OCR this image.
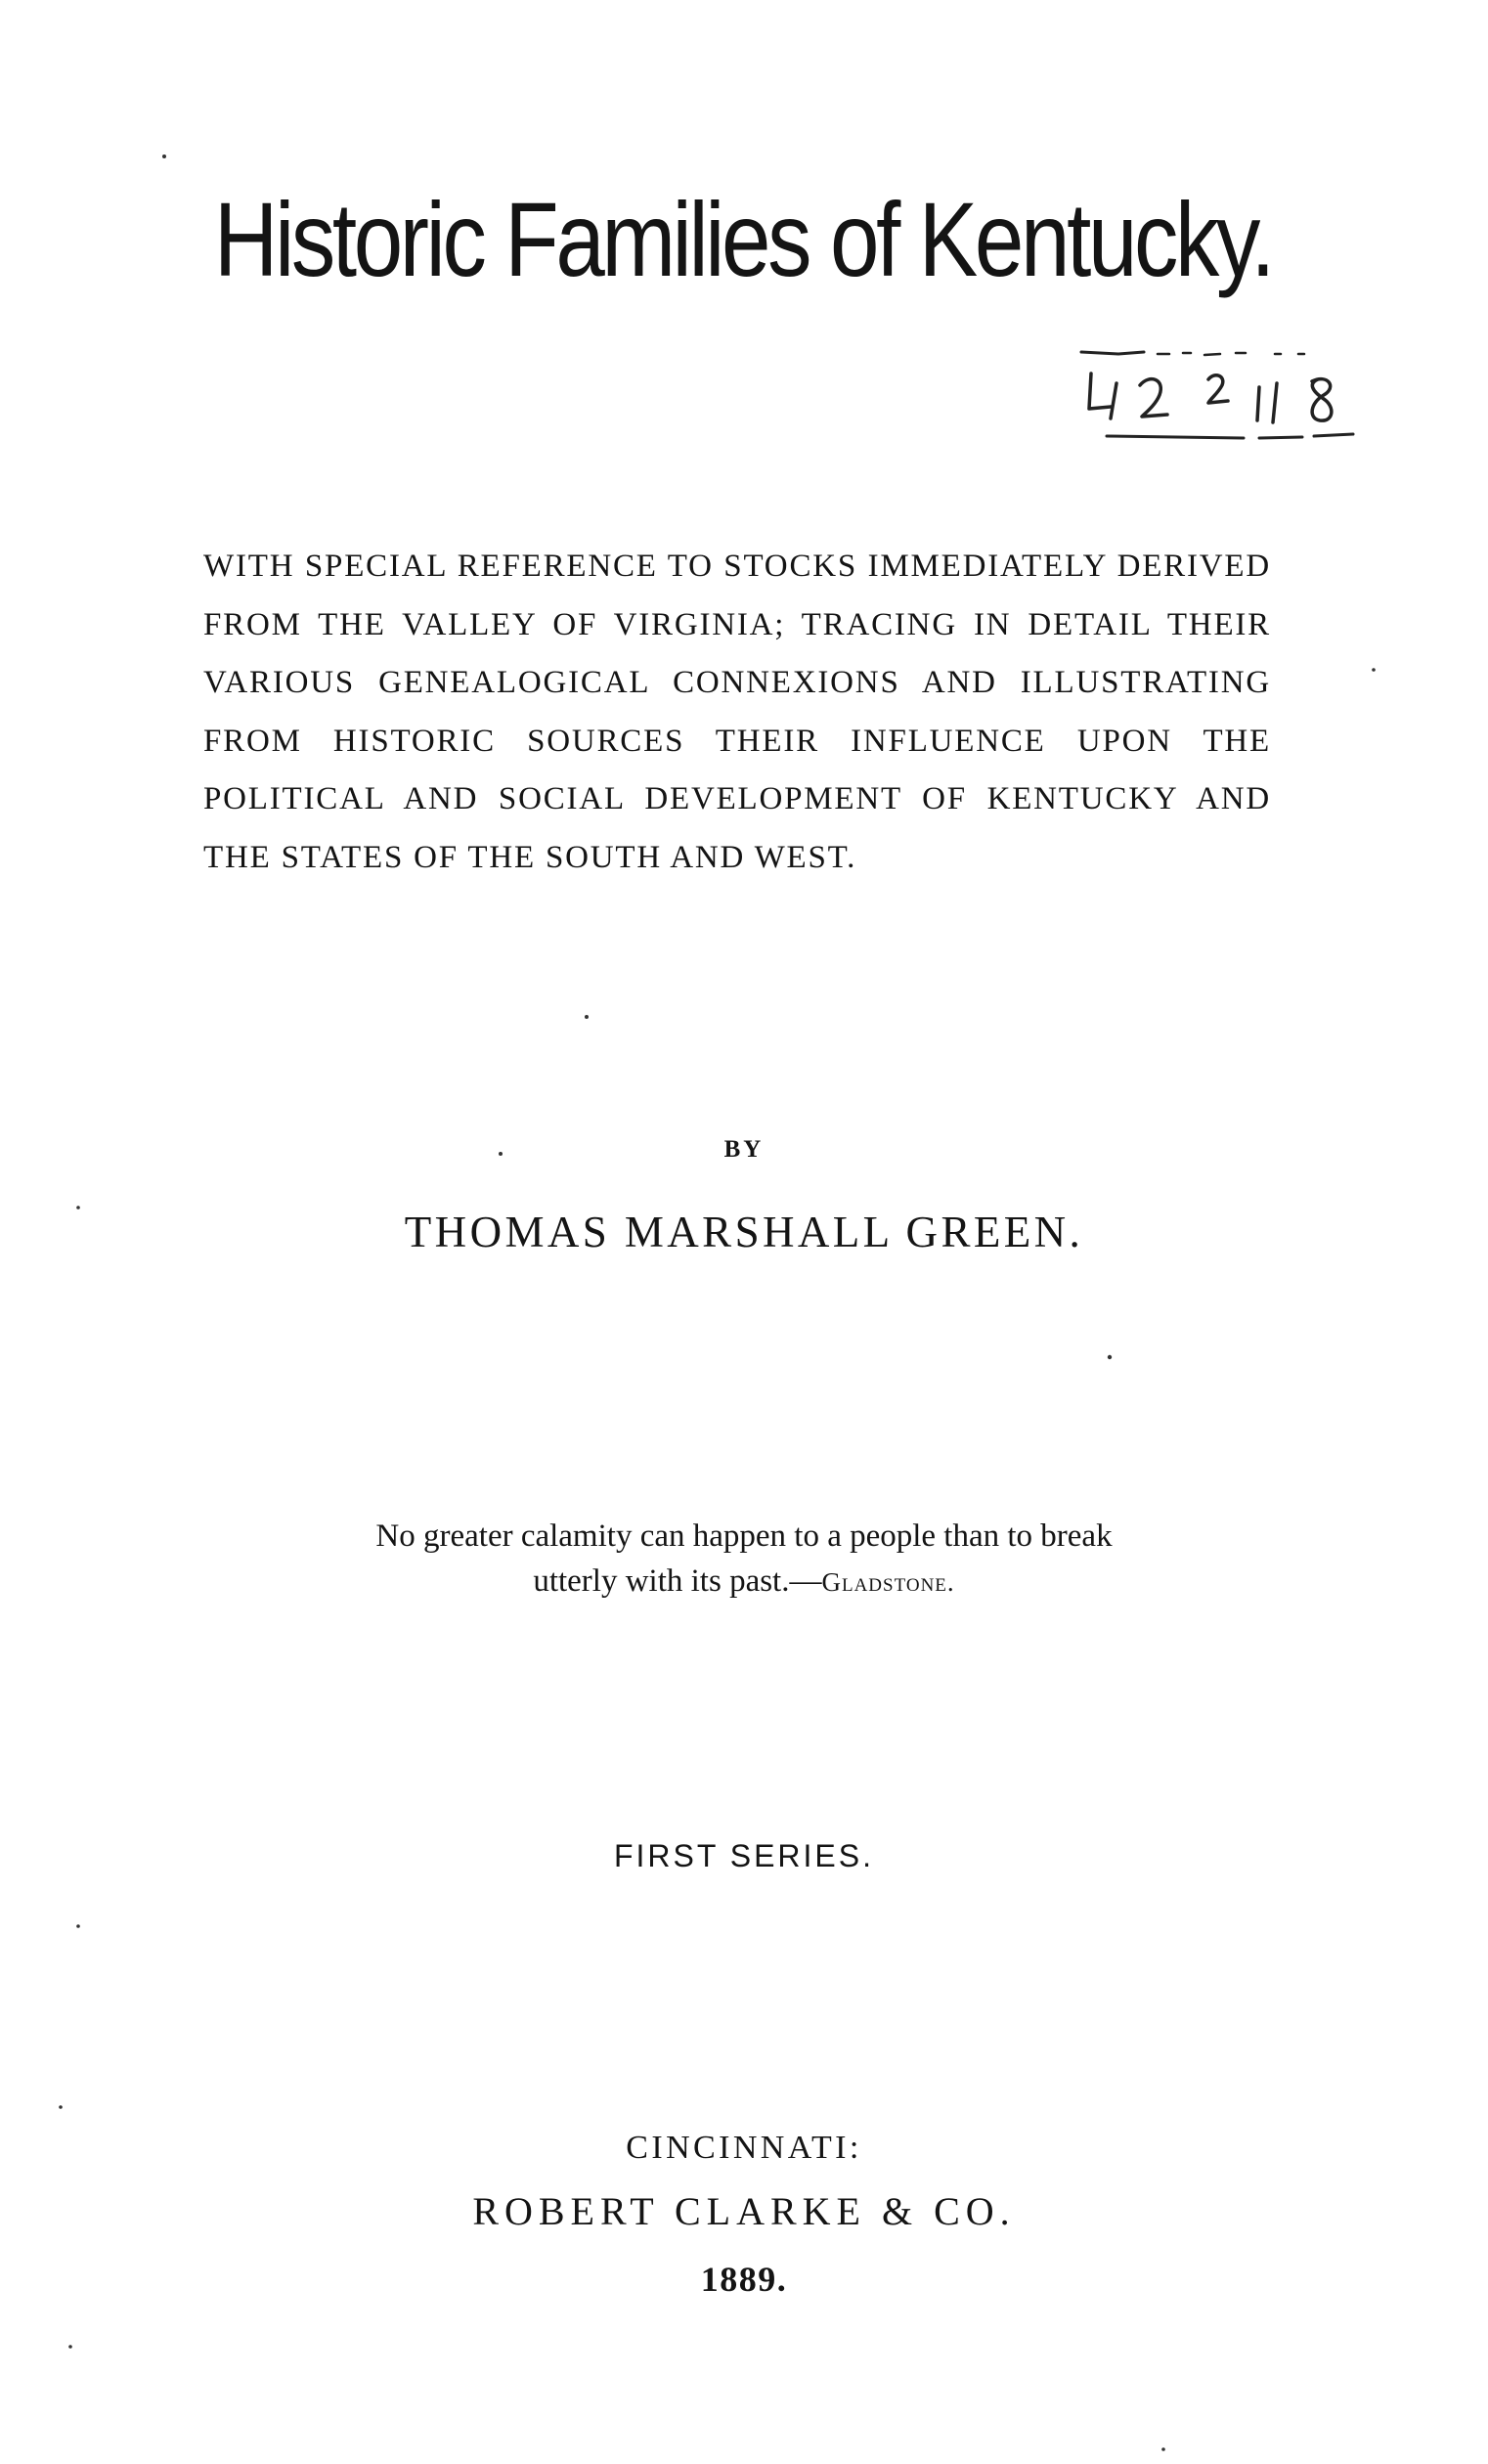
Historic Families of Kentucky.
WITH SPECIAL REFERENCE TO STOCKS IMMEDIATELY DERIVED FROM THE VALLEY OF VIRGINIA; TRACING IN DETAIL THEIR VARIOUS GENEALOGICAL CONNEXIONS AND ILLUSTRATING FROM HISTORIC SOURCES THEIR INFLUENCE UPON THE POLITICAL AND SOCIAL DEVELOPMENT OF KENTUCKY AND THE STATES OF THE SOUTH AND WEST.
BY
THOMAS MARSHALL GREEN.
No greater calamity can happen to a people than to break
utterly with its past.—Gladstone.
FIRST SERIES.
CINCINNATI:
ROBERT CLARKE & CO.
1889.
